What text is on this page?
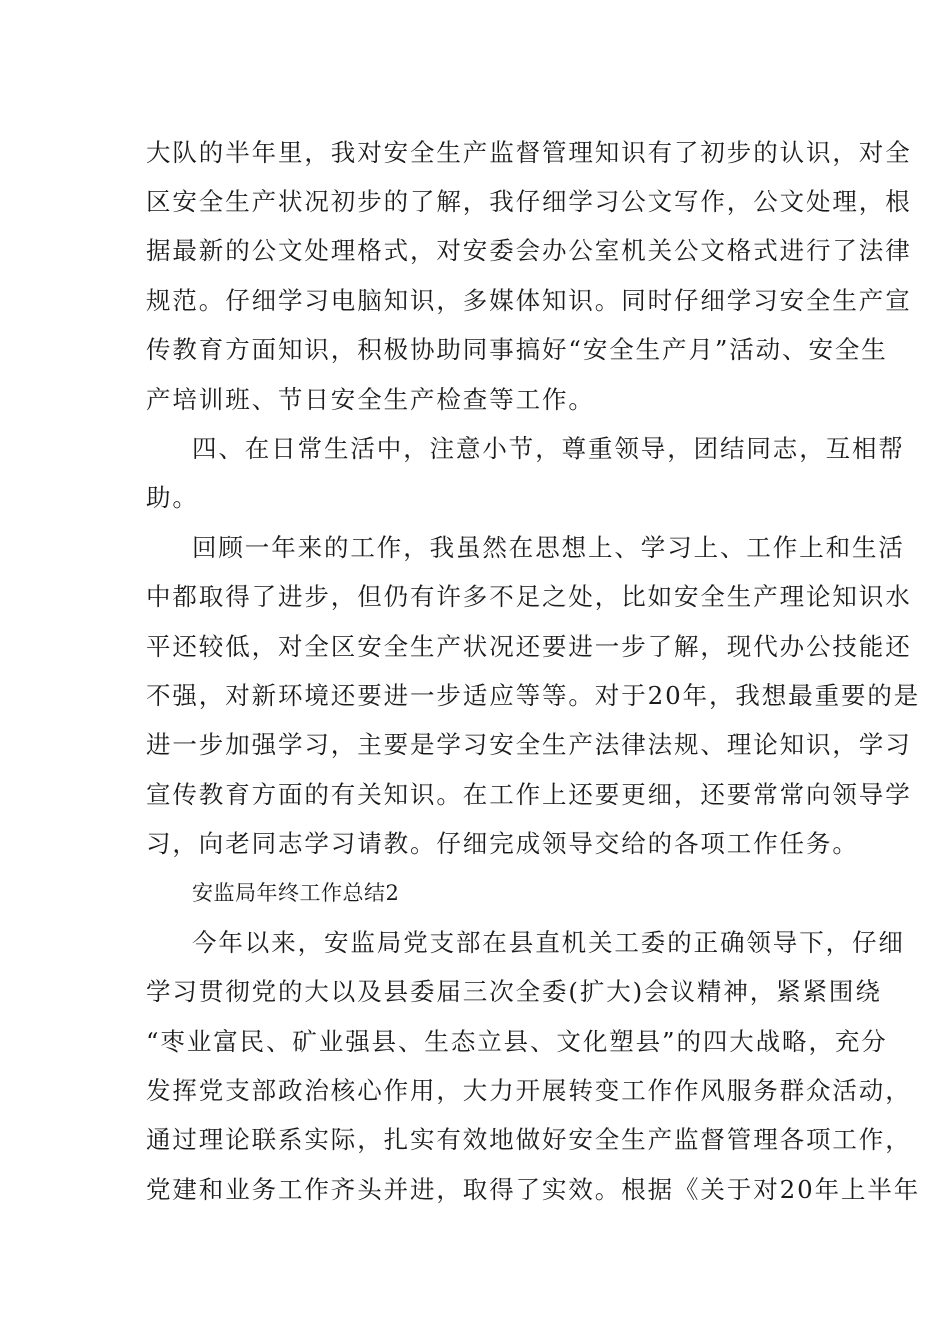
大队的半年里，我对安全生产监督管理知识有了初步的认识，对全
区安全生产状况初步的了解，我仔细学习公文写作，公文处理，根
据最新的公文处理格式，对安委会办公室机关公文格式进行了法律
规范。仔细学习电脑知识，多媒体知识。同时仔细学习安全生产宣
传教育方面知识，积极协助同事搞好“安全生产月”活动、安全生
产培训班、节日安全生产检查等工作。
四、在日常生活中，注意小节，尊重领导，团结同志，互相帮
助。
回顾一年来的工作，我虽然在思想上、学习上、工作上和生活
中都取得了进步，但仍有许多不足之处，比如安全生产理论知识水
平还较低，对全区安全生产状况还要进一步了解，现代办公技能还
不强，对新环境还要进一步适应等等。对于20年，我想最重要的是
进一步加强学习，主要是学习安全生产法律法规、理论知识，学习
宣传教育方面的有关知识。在工作上还要更细，还要常常向领导学
习，向老同志学习请教。仔细完成领导交给的各项工作任务。
安监局年终工作总结2
今年以来，安监局党支部在县直机关工委的正确领导下，仔细
学习贯彻党的大以及县委届三次全委(扩大)会议精神，紧紧围绕
“枣业富民、矿业强县、生态立县、文化塑县”的四大战略，充分
发挥党支部政治核心作用，大力开展转变工作作风服务群众活动，
通过理论联系实际，扎实有效地做好安全生产监督管理各项工作，
党建和业务工作齐头并进，取得了实效。根据《关于对20年上半年
